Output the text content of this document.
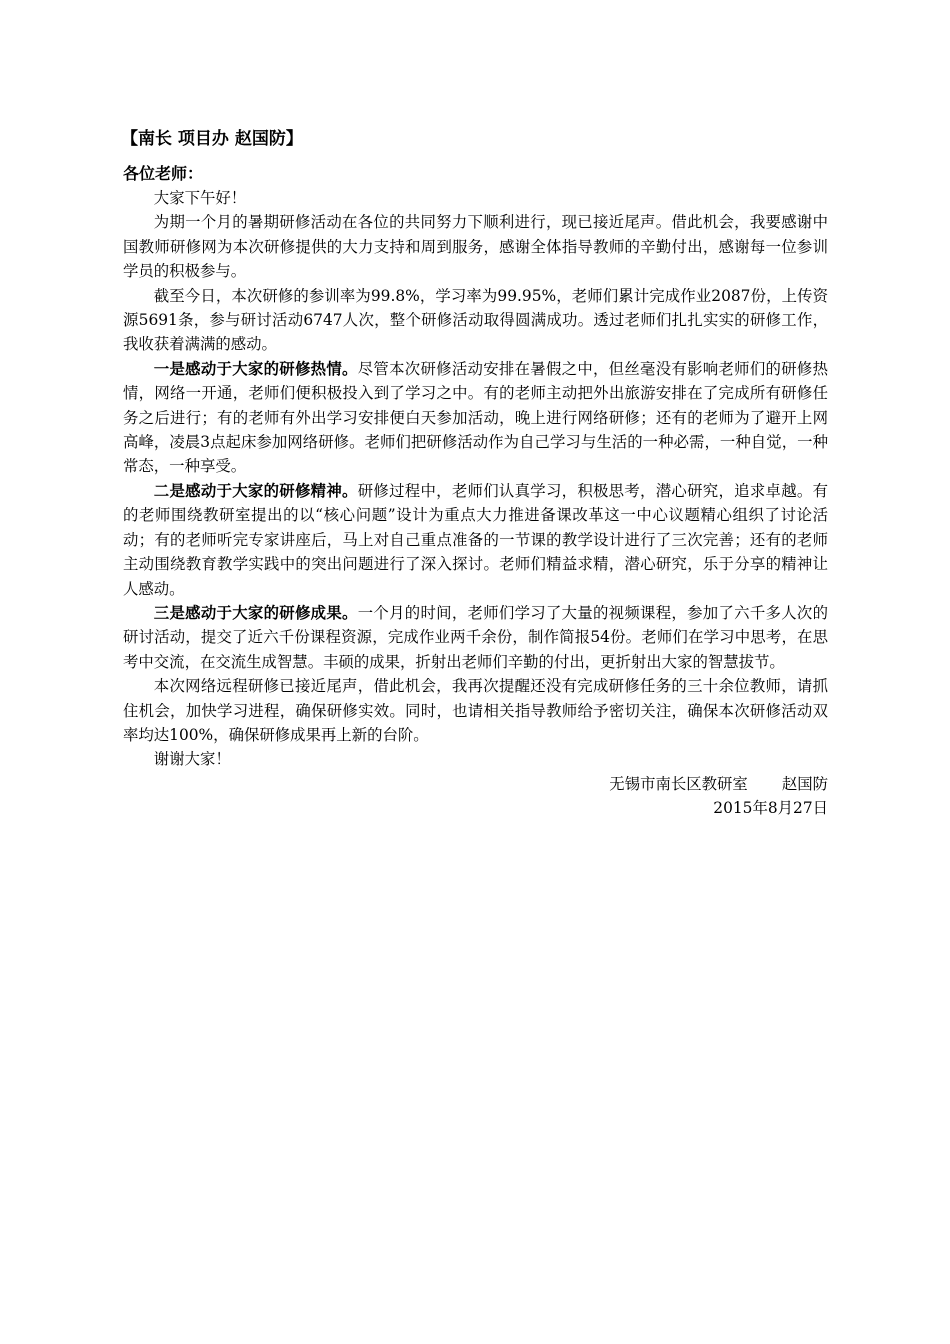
【南长 项目办 赵国防】
各位老师：

大家下午好！

为期一个月的暑期研修活动在各位的共同努力下顺利进行，现已接近尾声。借此机会，我要感谢中国教师研修网为本次研修提供的大力支持和周到服务，感谢全体指导教师的辛勤付出，感谢每一位参训学员的积极参与。

截至今日，本次研修的参训率为99.8%，学习率为99.95%，老师们累计完成作业2087份，上传资源5691条，参与研讨活动6747人次，整个研修活动取得圆满成功。透过老师们扎扎实实的研修工作，我收获着满满的感动。

一是感动于大家的研修热情。尽管本次研修活动安排在暑假之中，但丝毫没有影响老师们的研修热情，网络一开通，老师们便积极投入到了学习之中。有的老师主动把外出旅游安排在了完成所有研修任务之后进行；有的老师有外出学习安排便白天参加活动，晚上进行网络研修；还有的老师为了避开上网高峰，凌晨3点起床参加网络研修。老师们把研修活动作为自己学习与生活的一种必需，一种自觉，一种常态，一种享受。

二是感动于大家的研修精神。研修过程中，老师们认真学习，积极思考，潜心研究，追求卓越。有的老师围绕教研室提出的以“核心问题”设计为重点大力推进备课改革这一中心议题精心组织了讨论活动；有的老师听完专家讲座后，马上对自己重点准备的一节课的教学设计进行了三次完善；还有的老师主动围绕教育教学实践中的突出问题进行了深入探讨。老师们精益求精，潜心研究，乐于分享的精神让人感动。

三是感动于大家的研修成果。一个月的时间，老师们学习了大量的视频课程，参加了六千多人次的研讨活动，提交了近六千份课程资源，完成作业两千余份，制作简报54份。老师们在学习中思考，在思考中交流，在交流生成智慧。丰硕的成果，折射出老师们辛勤的付出，更折射出大家的智慧拔节。

本次网络远程研修已接近尾声，借此机会，我再次提醒还没有完成研修任务的三十余位教师，请抓住机会，加快学习进程，确保研修实效。同时，也请相关指导教师给予密切关注，确保本次研修活动双率均达100%，确保研修成果再上新的台阶。

谢谢大家！

无锡市南长区教研室 赵国防
2015年8月27日
